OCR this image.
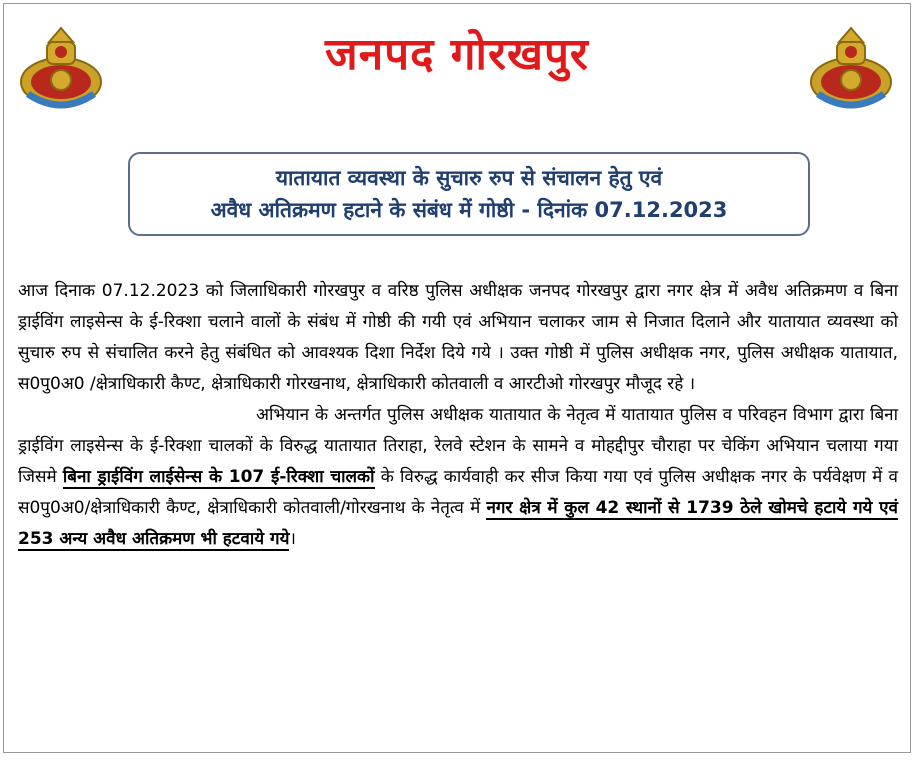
जनपद गोरखपुर
यातायात व्यवस्था के सुचारु रुप से संचालन हेतु एवं
अवैध अतिक्रमण हटाने के संबंध में गोष्ठी - दिनांक 07.12.2023

आज दिनाक 07.12.2023 को जिलाधिकारी गोरखपुर व वरिष्ठ पुलिस अधीक्षक जनपद गोरखपुर द्वारा नगर क्षेत्र में अवैध अतिक्रमण व बिना ड्राईविंग लाइसेन्स के ई-रिक्शा चलाने वालों के संबंध में गोष्ठी की गयी एवं अभियान चलाकर जाम से निजात दिलाने और यातायात व्यवस्था को सुचारु रुप से संचालित करने हेतु संबंधित को आवश्यक दिशा निर्देश दिये गये । उक्त गोष्ठी में पुलिस अधीक्षक नगर, पुलिस अधीक्षक यातायात, स0पु0अ0 /क्षेत्राधिकारी कैण्ट, क्षेत्राधिकारी गोरखनाथ, क्षेत्राधिकारी कोतवाली व आरटीओ गोरखपुर मौजूद रहे ।

अभियान के अन्तर्गत पुलिस अधीक्षक यातायात के नेतृत्व में यातायात पुलिस व परिवहन विभाग द्वारा बिना ड्राईविंग लाइसेन्स के ई-रिक्शा चालकों के विरुद्ध यातायात तिराहा, रेलवे स्टेशन के सामने व मोहद्दीपुर चौराहा पर चेकिंग अभियान चलाया गया जिसमे बिना ड्राईविंग लाईसेन्स के 107 ई-रिक्शा चालकों के विरुद्ध कार्यवाही कर सीज किया गया एवं पुलिस अधीक्षक नगर के पर्यवेक्षण में व स0पु0अ0/क्षेत्राधिकारी कैण्ट, क्षेत्राधिकारी कोतवाली/गोरखनाथ के नेतृत्व में नगर क्षेत्र में कुल 42 स्थानों से 1739 ठेले खोमचे हटाये गये एवं 253 अन्य अवैध अतिक्रमण भी हटवाये गये।
